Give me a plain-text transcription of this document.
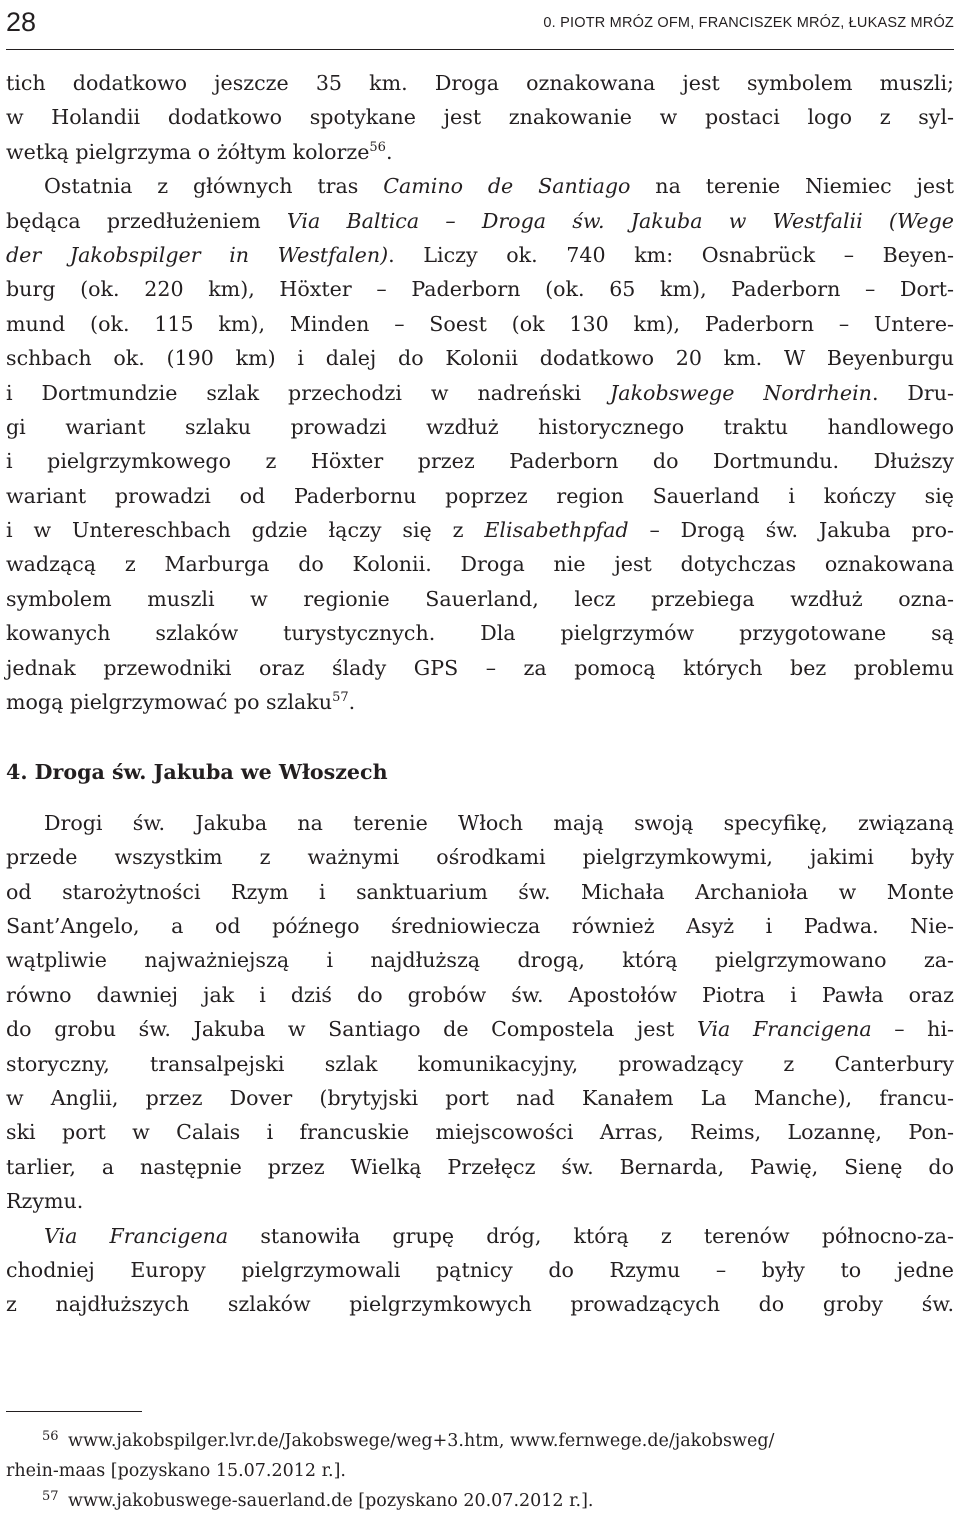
28	0. PIOTR MRÓZ OFM, FRANCISZEK MRÓZ, ŁUKASZ MRÓZ
tich dodatkowo jeszcze 35 km. Droga oznakowana jest symbolem muszli;
w Holandii dodatkowo spotykane jest znakowanie w postaci logo z syl-
wetką pielgrzyma o żółtym kolorze$^{56}$.
Ostatnia z głównych tras Camino de Santiago na terenie Niemiec jest
będąca przedłużeniem Via Baltica – Droga św. Jakuba w Westfalii (Wege
der Jakobspilger in Westfalen). Liczy ok. 740 km: Osnabrück – Beyen-
burg (ok. 220 km), Höxter – Paderborn (ok. 65 km), Paderborn – Dort-
mund (ok. 115 km), Minden – Soest (ok 130 km), Paderborn – Untere-
schbach ok. (190 km) i dalej do Kolonii dodatkowo 20 km. W Beyenburgu
i Dortmundzie szlak przechodzi w nadreński Jakobswege Nordrhein. Dru-
gi wariant szlaku prowadzi wzdłuż historycznego traktu handlowego
i pielgrzymkowego z Höxter przez Paderborn do Dortmundu. Dłuższy
wariant prowadzi od Paderbornu poprzez region Sauerland i kończy się
i w Untereschbach gdzie łączy się z Elisabethpfad – Drogą św. Jakuba pro-
wadzącą z Marburga do Kolonii. Droga nie jest dotychczas oznakowana
symbolem muszli w regionie Sauerland, lecz przebiega wzdłuż ozna-
kowanych szlaków turystycznych. Dla pielgrzymów przygotowane są
jednak przewodniki oraz ślady GPS – za pomocą których bez problemu
mogą pielgrzymować po szlaku$^{57}$.
4. Droga św. Jakuba we Włoszech
Drogi św. Jakuba na terenie Włoch mają swoją specyfikę, związaną
przede wszystkim z ważnymi ośrodkami pielgrzymkowymi, jakimi były
od starożytności Rzym i sanktuarium św. Michała Archanioła w Monte
Sant’Angelo, a od późnego średniowiecza również Asyż i Padwa. Nie-
wątpliwie najważniejszą i najdłuższą drogą, którą pielgrzymowano za-
równo dawniej jak i dziś do grobów św. Apostołów Piotra i Pawła oraz
do grobu św. Jakuba w Santiago de Compostela jest Via Francigena – hi-
storyczny, transalpejski szlak komunikacyjny, prowadzący z Canterbury
w Anglii, przez Dover (brytyjski port nad Kanałem La Manche), francu-
ski port w Calais i francuskie miejscowości Arras, Reims, Lozannę, Pon-
tarlier, a następnie przez Wielką Przełęcz św. Bernarda, Pawię, Sienę do
Rzymu.
Via Francigena stanowiła grupę dróg, którą z terenów północno-za-
chodniej Europy pielgrzymowali pątnicy do Rzymu – były to jedne
z najdłuższych szlaków pielgrzymkowych prowadzących do groby św.
56 www.jakobspilger.lvr.de/Jakobswege/weg+3.htm, www.fernwege.de/jakobsweg/
rhein-maas [pozyskano 15.07.2012 r.].
57 www.jakobuswege-sauerland.de [pozyskano 20.07.2012 r.].
